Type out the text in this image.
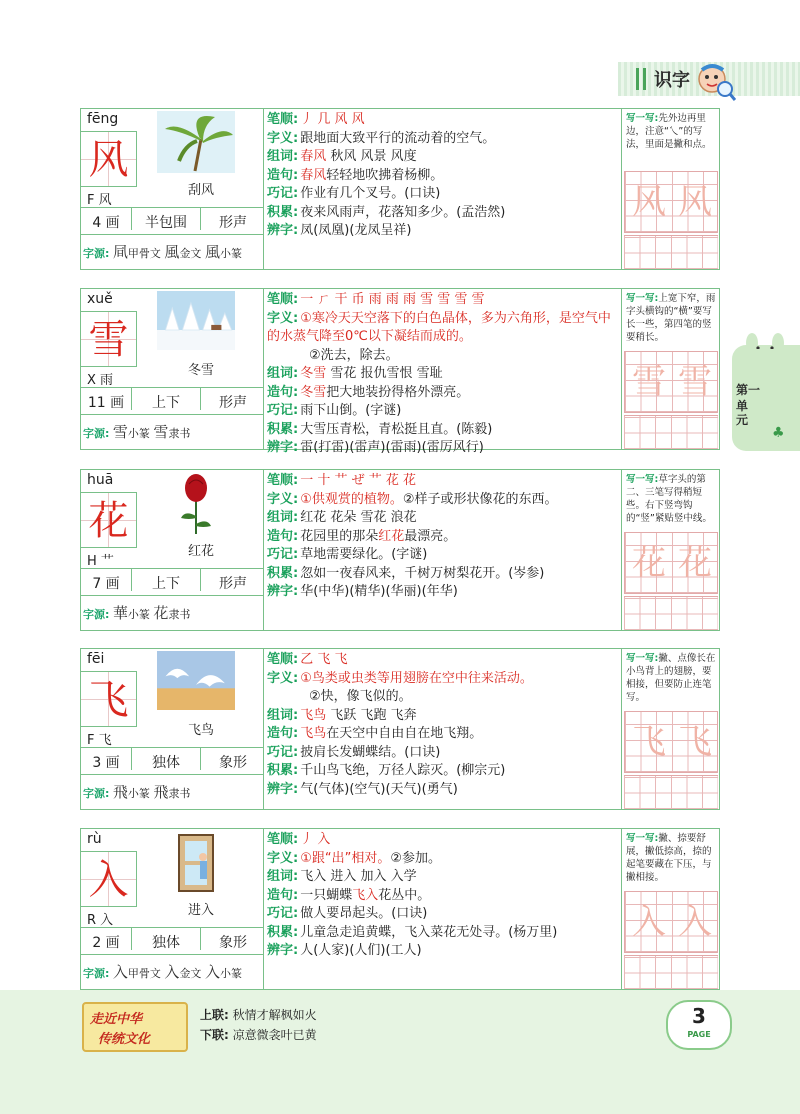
识字
第一
单元
♣
fēng
风
刮风
F 风
4 画	半包围	形声
字源: 凬甲骨文 風金文 風小篆
笔顺: 丿 几 风 风
字义: 跟地面大致平行的流动着的空气。
组词: 春风 秋风 风景 风度
造句: 春风轻轻地吹拂着杨柳。
巧记: 作业有几个叉号。(口诀)
积累: 夜来风雨声，花落知多少。(孟浩然)
辨字: 凤(凤凰)(龙凤呈祥)
写一写:先外边再里边，注意“乀”的写法，里面是撇和点。
风 风
xuě
雪
冬雪
X 雨
11 画	上下	形声
字源: 雪小篆 雪隶书
笔顺: 一 ㄏ 干 币 雨 雨 雨 雪 雪 雪 雪
字义: ①寒冷天天空落下的白色晶体，多为六角形，是空气中的水蒸气降至0℃以下凝结而成的。
②洗去，除去。
组词: 冬雪 雪花 报仇雪恨 雪耻
造句: 冬雪把大地装扮得格外漂亮。
巧记: 雨下山倒。(字谜)
积累: 大雪压青松，青松挺且直。(陈毅)
辨字: 雷(打雷)(雷声)(雷雨)(雷厉风行)
写一写:上宽下窄，雨字头横钩的“横”要写长一些，第四笔的竖要稍长。
雪 雪
huā
花
红花
H 艹
7 画	上下	形声
字源: 華小篆 花隶书
笔顺: 一 十 艹 ぜ 艹 花 花
字义: ①供观赏的植物。②样子或形状像花的东西。
组词: 红花 花朵 雪花 浪花
造句: 花园里的那朵红花最漂亮。
巧记: 草地需要绿化。(字谜)
积累: 忽如一夜春风来，千树万树梨花开。(岑参)
辨字: 华(中华)(精华)(华丽)(年华)
写一写:草字头的第二、三笔写得稍短些。右下竖弯钩的“竖”紧贴竖中线。
花 花
fēi
飞
飞鸟
F 飞
3 画	独体	象形
字源: 飛小篆 飛隶书
笔顺: 乙 飞 飞
字义: ①鸟类或虫类等用翅膀在空中往来活动。
②快，像飞似的。
组词: 飞鸟 飞跃 飞跑 飞奔
造句: 飞鸟在天空中自由自在地飞翔。
巧记: 披肩长发蝴蝶结。(口诀)
积累: 千山鸟飞绝，万径人踪灭。(柳宗元)
辨字: 气(气体)(空气)(天气)(勇气)
写一写:撇、点像长在小鸟背上的翅膀，要相接，但要防止连笔写。
飞 飞
rù
入
进入
R 入
2 画	独体	象形
字源: 入甲骨文 入金文 入小篆
笔顺: 丿 入
字义: ①跟“出”相对。②参加。
组词: 飞入 进入 加入 入学
造句: 一只蝴蝶飞入花丛中。
巧记: 做人要昂起头。(口诀)
积累: 儿童急走追黄蝶，飞入菜花无处寻。(杨万里)
辨字: 人(人家)(人们)(工人)
写一写:撇、捺要舒展，撇低捺高，捺的起笔要藏在下压，与撇相接。
入 入
走近中华
传统文化
上联: 秋情才解枫如火
下联: 凉意微衾叶已黄
3
PAGE
